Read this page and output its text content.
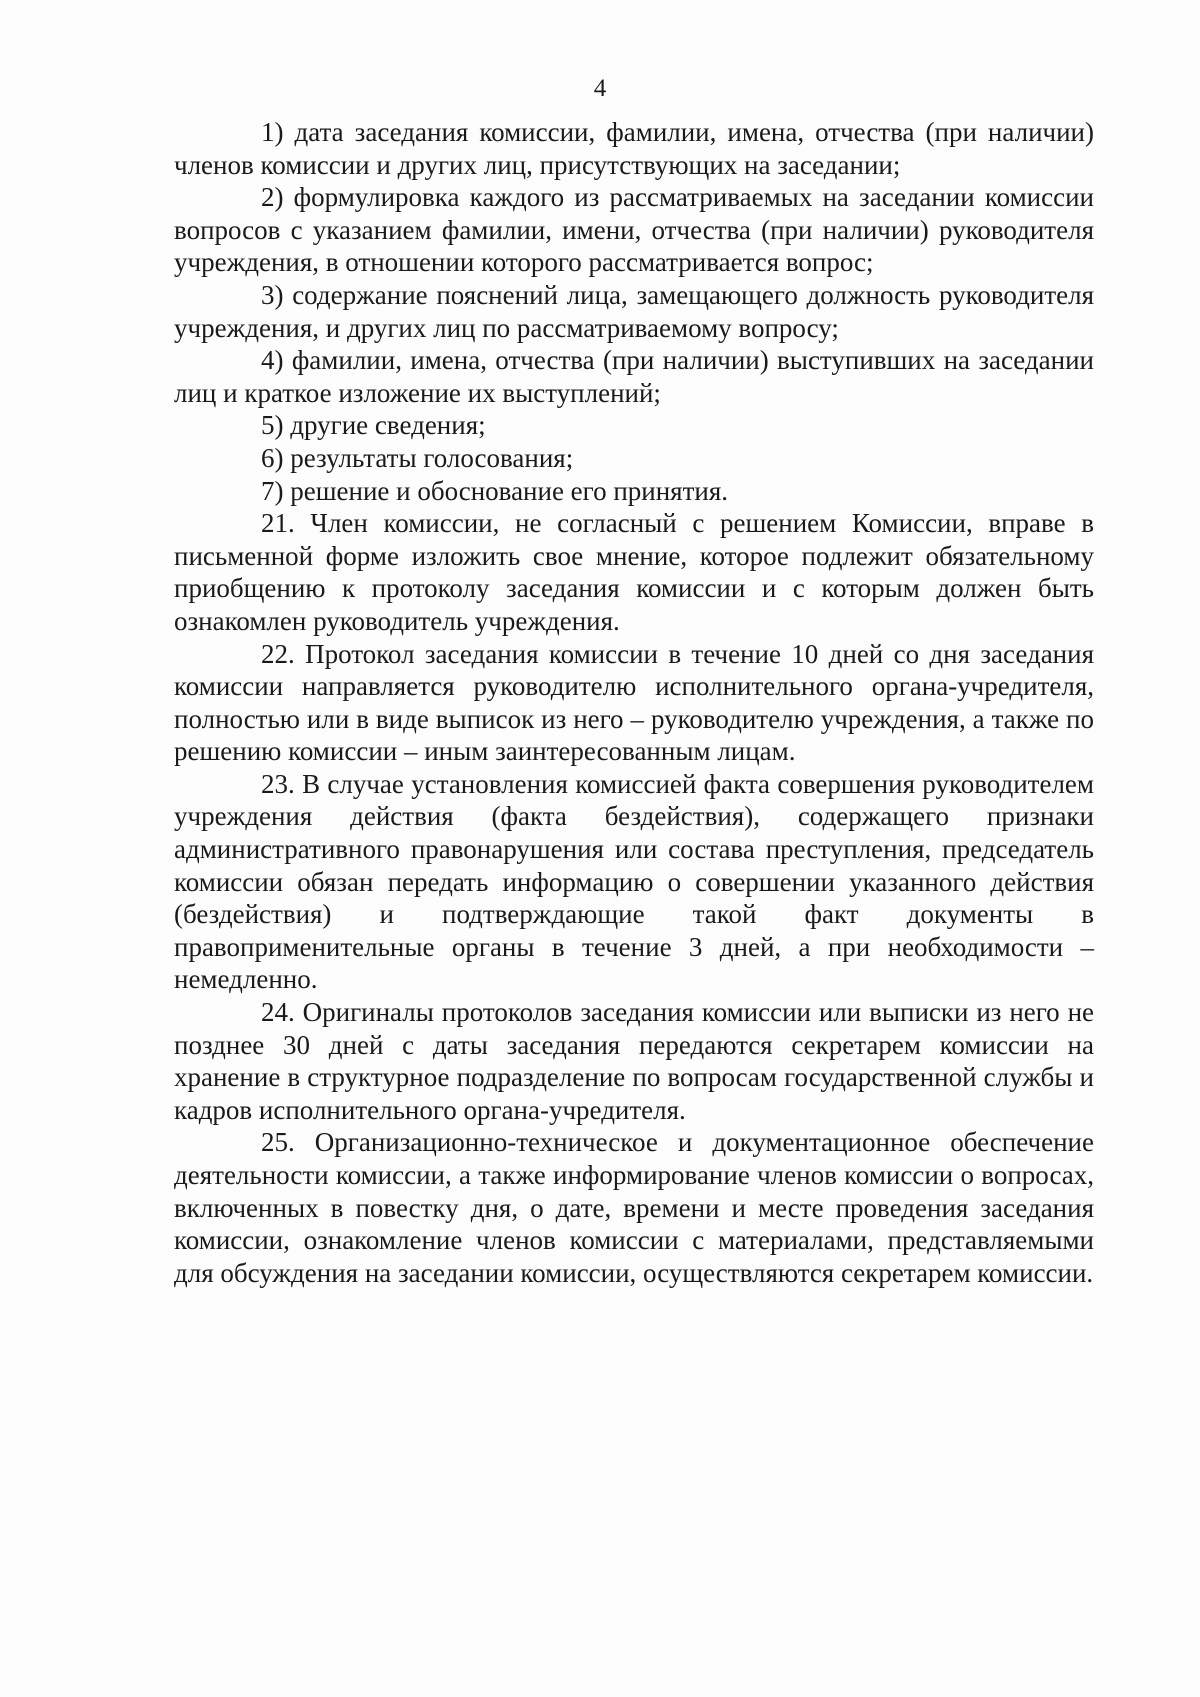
4

1) дата заседания комиссии, фамилии, имена, отчества (при наличии) членов комиссии и других лиц, присутствующих на заседании;

2) формулировка каждого из рассматриваемых на заседании комиссии вопросов с указанием фамилии, имени, отчества (при наличии) руководителя учреждения, в отношении которого рассматривается вопрос;

3) содержание пояснений лица, замещающего должность руководителя учреждения, и других лиц по рассматриваемому вопросу;

4) фамилии, имена, отчества (при наличии) выступивших на заседании лиц и краткое изложение их выступлений;

5) другие сведения;

6) результаты голосования;

7) решение и обоснование его принятия.

21. Член комиссии, не согласный с решением Комиссии, вправе в письменной форме изложить свое мнение, которое подлежит обязательному приобщению к протоколу заседания комиссии и с которым должен быть ознакомлен руководитель учреждения.

22. Протокол заседания комиссии в течение 10 дней со дня заседания комиссии направляется руководителю исполнительного органа-учредителя, полностью или в виде выписок из него – руководителю учреждения, а также по решению комиссии – иным заинтересованным лицам.

23. В случае установления комиссией факта совершения руководителем учреждения действия (факта бездействия), содержащего признаки административного правонарушения или состава преступления, председатель комиссии обязан передать информацию о совершении указанного действия (бездействия) и подтверждающие такой факт документы в правоприменительные органы в течение 3 дней, а при необходимости – немедленно.

24. Оригиналы протоколов заседания комиссии или выписки из него не позднее 30 дней с даты заседания передаются секретарем комиссии на хранение в структурное подразделение по вопросам государственной службы и кадров исполнительного органа-учредителя.

25. Организационно-техническое и документационное обеспечение деятельности комиссии, а также информирование членов комиссии о вопросах, включенных в повестку дня, о дате, времени и месте проведения заседания комиссии, ознакомление членов комиссии с материалами, представляемыми для обсуждения на заседании комиссии, осуществляются секретарем комиссии.
